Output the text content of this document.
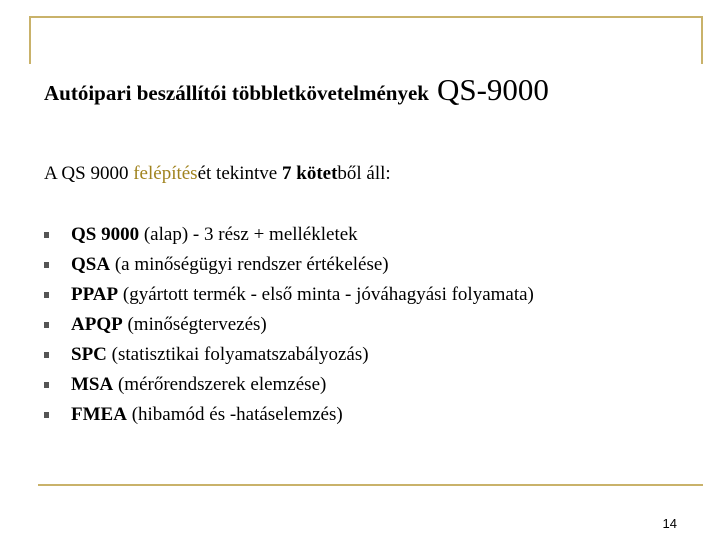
Autóipari beszállítói többletkövetelmények QS-9000
A QS 9000 felépítését tekintve 7 kötetből áll:
QS 9000 (alap) - 3 rész + mellékletek
QSA (a minőségügyi rendszer értékelése)
PPAP (gyártott termék - első minta - jóváhagyási folyamata)
APQP (minőségtervezés)
SPC (statisztikai folyamatszabályozás)
MSA (mérőrendszerek elemzése)
FMEA (hibamód és -hatáselemzés)
14
